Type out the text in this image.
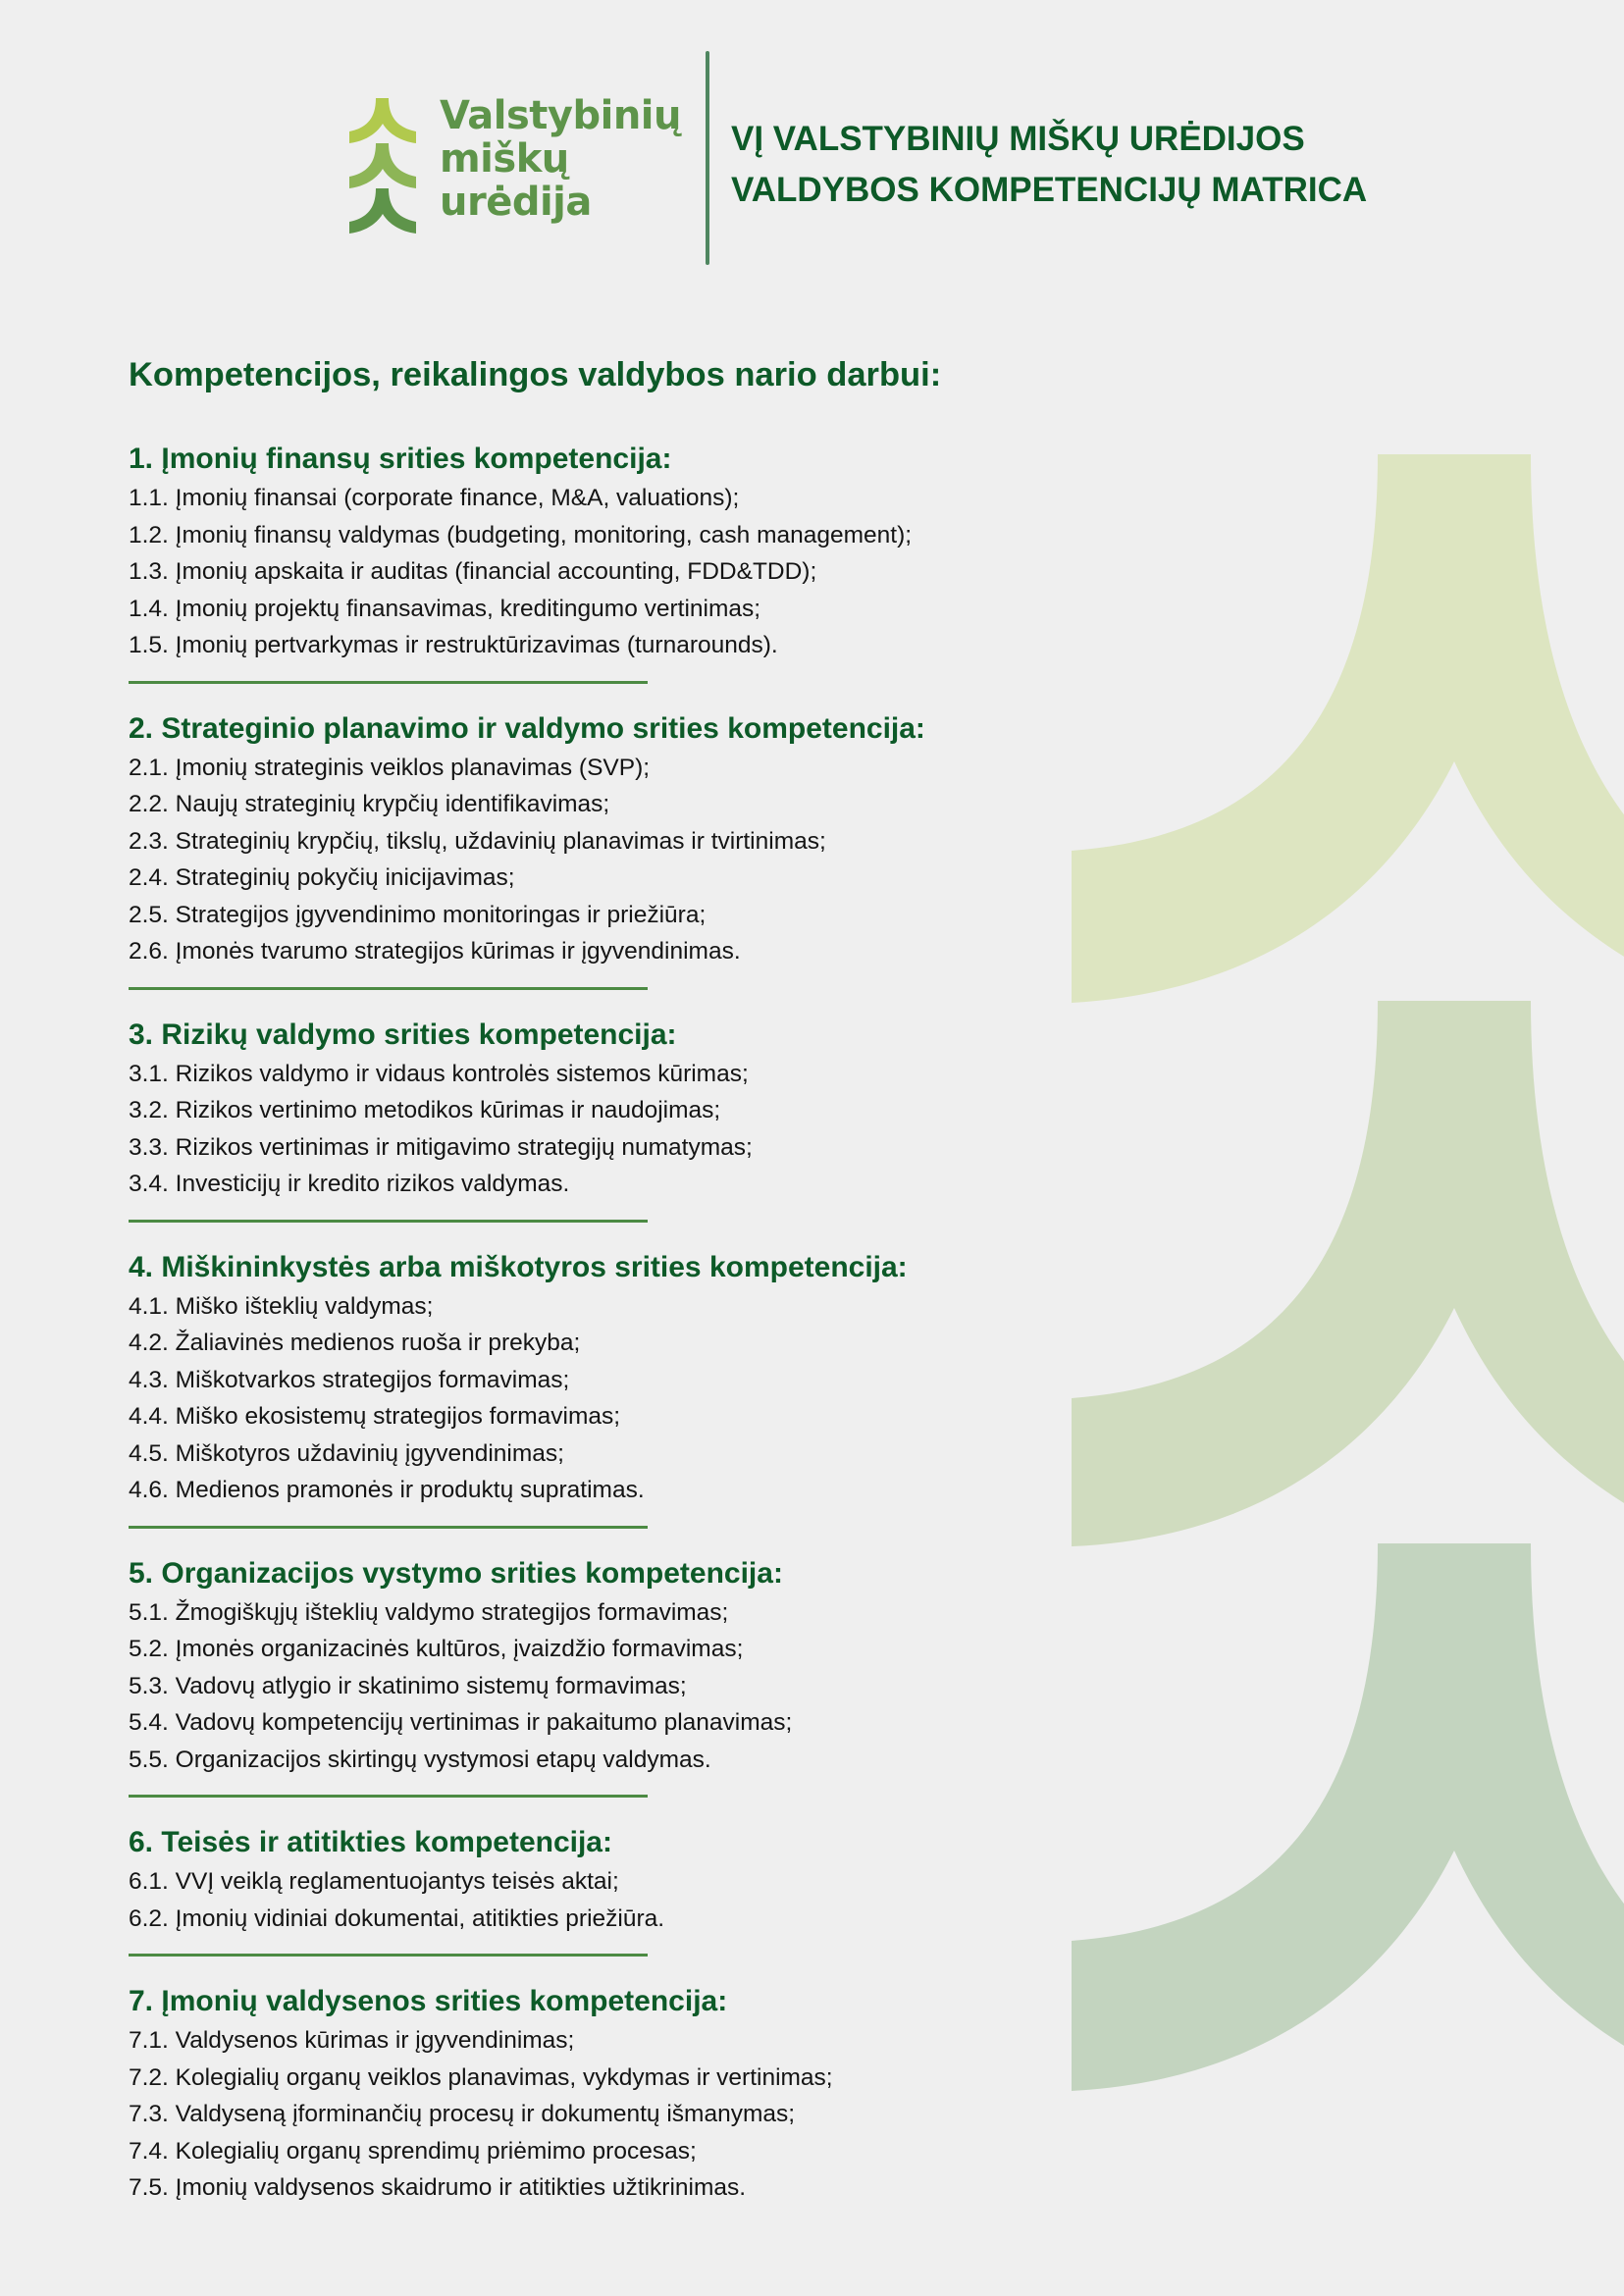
Valstybinių
miškų
urėdija
VĮ VALSTYBINIŲ MIŠKŲ URĖDIJOS
VALDYBOS KOMPETENCIJŲ MATRICA
Kompetencijos, reikalingos valdybos nario darbui:
1. Įmonių finansų srities kompetencija:
1.1. Įmonių finansai (corporate finance, M&A, valuations);
1.2. Įmonių finansų valdymas (budgeting, monitoring, cash management);
1.3. Įmonių apskaita ir auditas (financial accounting, FDD&TDD);
1.4. Įmonių projektų finansavimas, kreditingumo vertinimas;
1.5. Įmonių pertvarkymas ir restruktūrizavimas (turnarounds).
2. Strateginio planavimo ir valdymo srities kompetencija:
2.1. Įmonių strateginis veiklos planavimas (SVP);
2.2. Naujų strateginių krypčių identifikavimas;
2.3. Strateginių krypčių, tikslų, uždavinių planavimas ir tvirtinimas;
2.4. Strateginių pokyčių inicijavimas;
2.5. Strategijos įgyvendinimo monitoringas ir priežiūra;
2.6. Įmonės tvarumo strategijos kūrimas ir įgyvendinimas.
3. Rizikų valdymo srities kompetencija:
3.1. Rizikos valdymo ir vidaus kontrolės sistemos kūrimas;
3.2. Rizikos vertinimo metodikos kūrimas ir naudojimas;
3.3. Rizikos vertinimas ir mitigavimo strategijų numatymas;
3.4. Investicijų ir kredito rizikos valdymas.
4. Miškininkystės arba miškotyros srities kompetencija:
4.1. Miško išteklių valdymas;
4.2. Žaliavinės medienos ruoša ir prekyba;
4.3. Miškotvarkos strategijos formavimas;
4.4. Miško ekosistemų strategijos formavimas;
4.5. Miškotyros uždavinių įgyvendinimas;
4.6. Medienos pramonės ir produktų supratimas.
5. Organizacijos vystymo srities kompetencija:
5.1. Žmogiškųjų išteklių valdymo strategijos formavimas;
5.2. Įmonės organizacinės kultūros, įvaizdžio formavimas;
5.3. Vadovų atlygio ir skatinimo sistemų formavimas;
5.4. Vadovų kompetencijų vertinimas ir pakaitumo planavimas;
5.5. Organizacijos skirtingų vystymosi etapų valdymas.
6. Teisės ir atitikties kompetencija:
6.1. VVĮ veiklą reglamentuojantys teisės aktai;
6.2. Įmonių vidiniai dokumentai, atitikties priežiūra.
7. Įmonių valdysenos srities kompetencija:
7.1. Valdysenos kūrimas ir įgyvendinimas;
7.2. Kolegialių organų veiklos planavimas, vykdymas ir vertinimas;
7.3. Valdyseną įforminančių procesų ir dokumentų išmanymas;
7.4. Kolegialių organų sprendimų priėmimo procesas;
7.5. Įmonių valdysenos skaidrumo ir atitikties užtikrinimas.
